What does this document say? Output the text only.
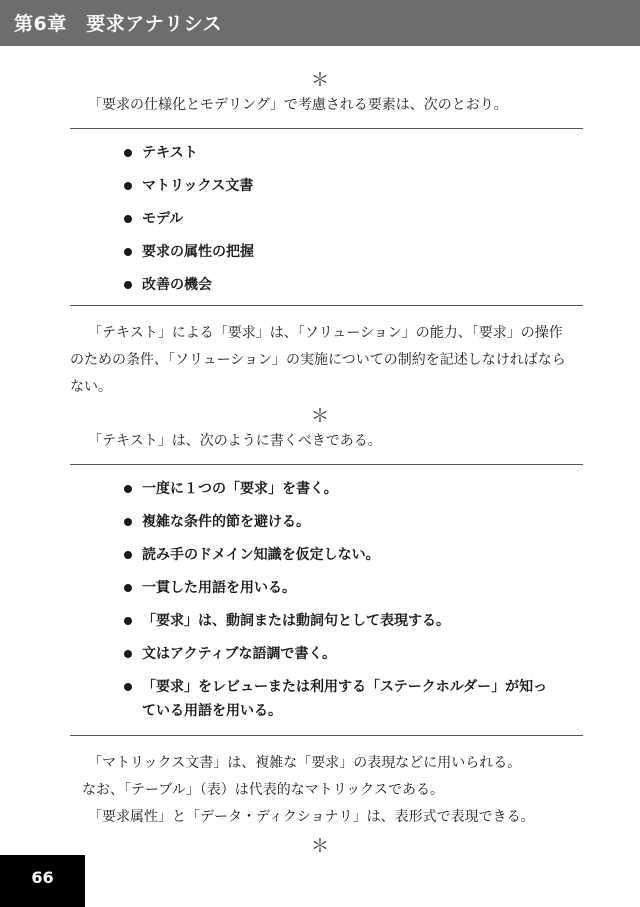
第6章　要求アナリシス
＊
「要求の仕様化とモデリング」で考慮される要素は、次のとおり。
テキスト
マトリックス文書
モデル
要求の属性の把握
改善の機会
「テキスト」による「要求」は、「ソリューション」の能力、「要求」の操作
のための条件、「ソリューション」の実施についての制約を記述しなければなら
ない。
＊
「テキスト」は、次のように書くべきである。
一度に１つの「要求」を書く。
複雑な条件的節を避ける。
読み手のドメイン知識を仮定しない。
一貫した用語を用いる。
「要求」は、動詞または動詞句として表現する。
文はアクティブな語調で書く。
「要求」をレビューまたは利用する「ステークホルダー」が知っ
ている用語を用いる。
「マトリックス文書」は、複雑な「要求」の表現などに用いられる。
なお、「テーブル」（表）は代表的なマトリックスである。
「要求属性」と「データ・ディクショナリ」は、表形式で表現できる。
＊
66
